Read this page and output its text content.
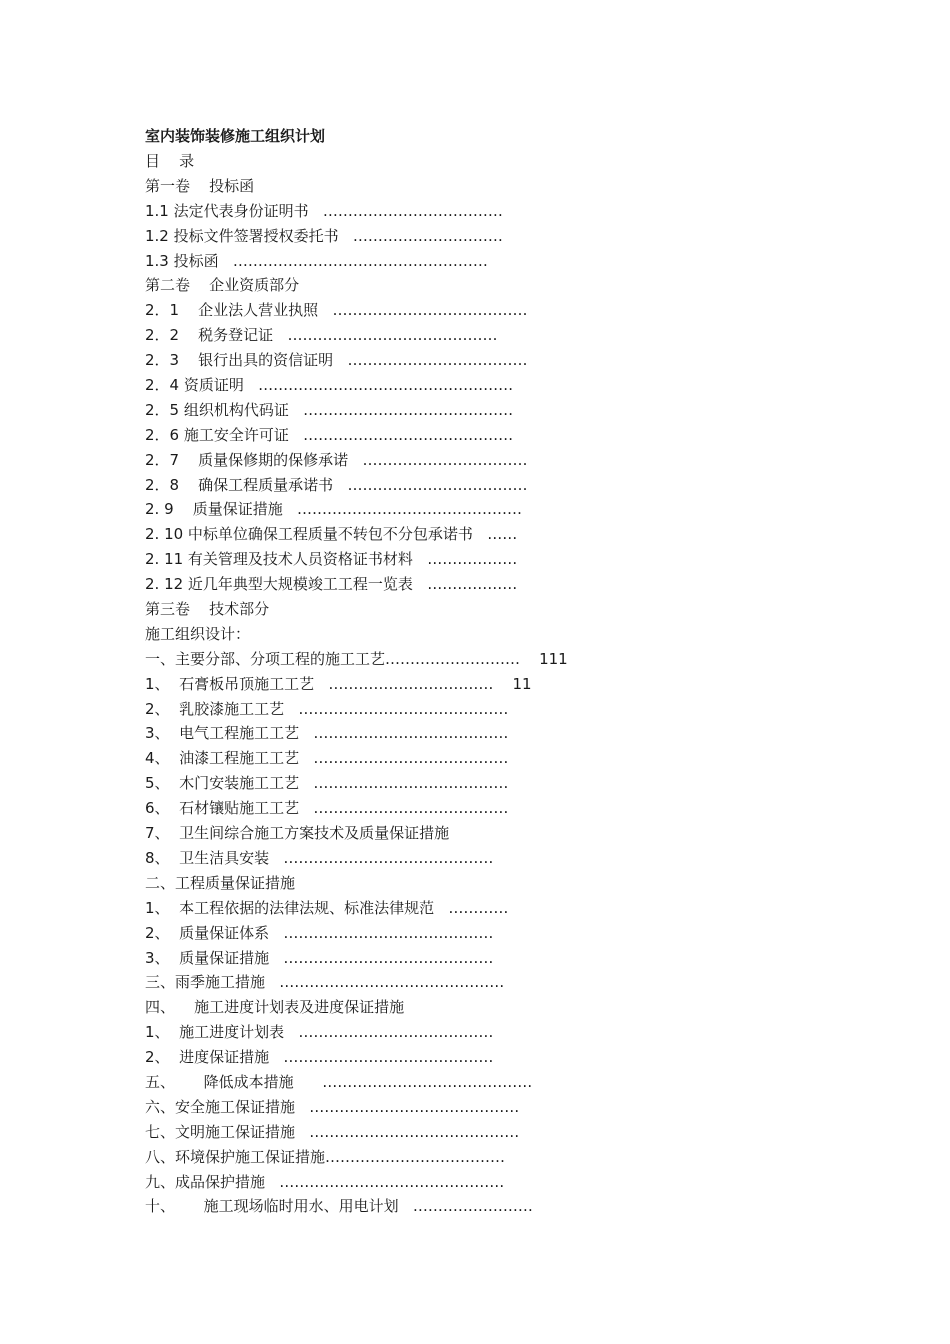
室内装饰装修施工组织计划
目    录
第一卷    投标函
1.1 法定代表身份证明书   ………………………………
1.2 投标文件签署授权委托书   …………………………
1.3 投标函   ……………………………………………
第二卷    企业资质部分
2．1    企业法人营业执照   …………………………………
2．2    税务登记证   ……………………………………
2．3    银行出具的资信证明   ………………………………
2．4 资质证明   ……………………………………………
2．5 组织机构代码证   ……………………………………
2．6 施工安全许可证   ……………………………………
2．7    质量保修期的保修承诺   ……………………………
2．8    确保工程质量承诺书   ………………………………
2. 9    质量保证措施   ………………………………………
2. 10 中标单位确保工程质量不转包不分包承诺书   ……
2. 11 有关管理及技术人员资格证书材料   ………………
2. 12 近几年典型大规模竣工工程一览表   ………………
第三卷    技术部分
施工组织设计：
一、主要分部、分项工程的施工工艺………………………    111
1、  石膏板吊顶施工工艺   ……………………………    11
2、  乳胶漆施工工艺   ……………………………………
3、  电气工程施工工艺   …………………………………
4、  油漆工程施工工艺   …………………………………
5、  木门安装施工工艺   …………………………………
6、  石材镶贴施工工艺   …………………………………
7、  卫生间综合施工方案技术及质量保证措施
8、  卫生洁具安装   ……………………………………
二、工程质量保证措施
1、  本工程依据的法律法规、标准法律规范   …………
2、  质量保证体系   ……………………………………
3、  质量保证措施   ……………………………………
三、雨季施工措施   ………………………………………
四、    施工进度计划表及进度保证措施
1、  施工进度计划表   …………………………………
2、  进度保证措施   ……………………………………
五、      降低成本措施      ……………………………………
六、安全施工保证措施   ……………………………………
七、文明施工保证措施   ……………………………………
八、环境保护施工保证措施………………………………
九、成品保护措施   ………………………………………
十、      施工现场临时用水、用电计划   ……………………
